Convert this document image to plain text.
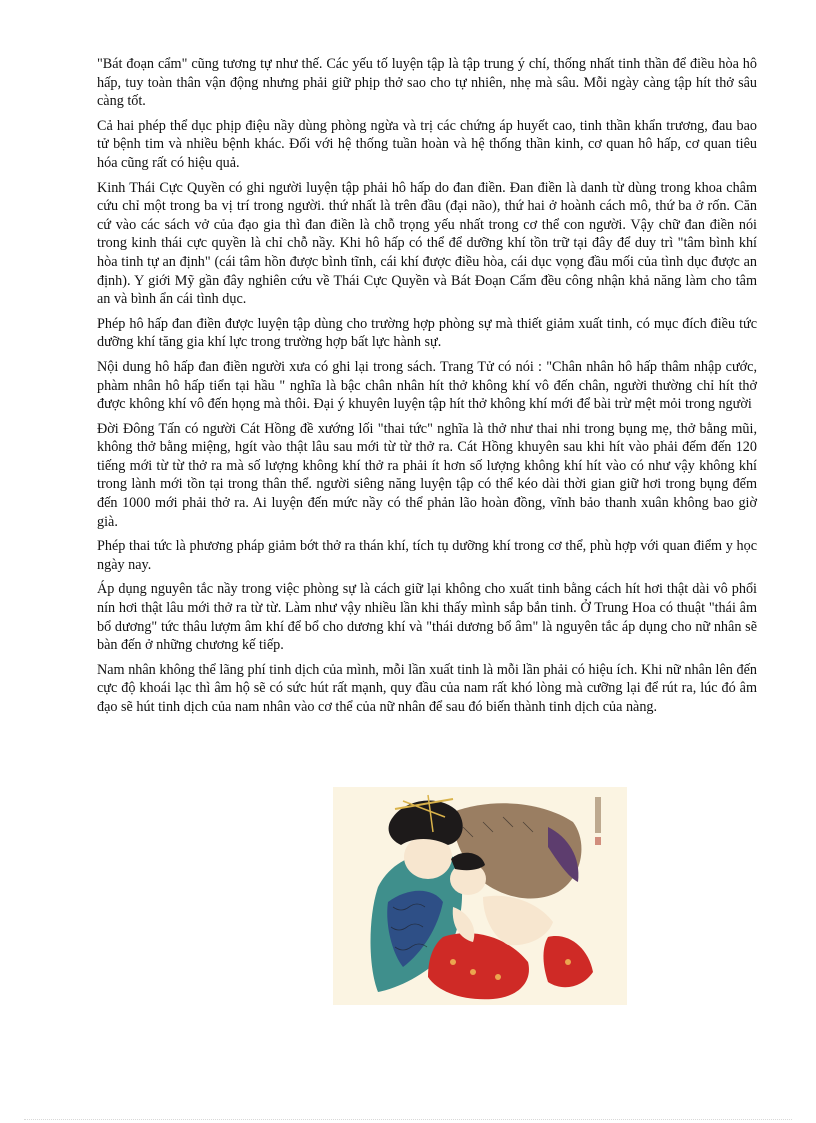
"Bát đoạn cẩm" cũng tương tự như thế. Các yếu tố luyện tập là tập trung ý chí, thống nhất tinh thần để điều hòa hô hấp, tuy toàn thân vận động nhưng phải giữ phịp thở sao cho tự nhiên, nhẹ mà sâu. Mỗi ngày càng tập hít thở sâu càng tốt.

Cả hai phép thể dục phịp điệu nầy dùng phòng ngừa và trị các chứng áp huyết cao, tinh thần khẩn trương, đau bao tử bệnh tim và nhiều bệnh khác. Đối với hệ thống tuần hoàn và hệ thống thần kinh, cơ quan hô hấp, cơ quan tiêu hóa cũng rất có hiệu quả.

Kinh Thái Cực Quyền có ghi người luyện tập phải hô hấp do đan điền. Đan điền là danh từ dùng trong khoa châm cứu chỉ một trong ba vị trí trong người. thứ nhất là trên đầu (đại não), thứ hai ở hoành cách mô, thứ ba ở rốn. Căn cứ vào các sách vở của đạo gia thì đan điền là chỗ trọng yếu nhất trong cơ thể con người. Vậy chữ đan điền nói trong kinh thái cực quyền là chỉ chỗ nầy. Khi hô hấp có thể để dưỡng khí tồn trữ tại đây để duy trì "tâm bình khí hòa tinh tự an định" (cái tâm hồn được bình tĩnh, cái khí được điều hòa, cái dục vọng đầu mối của tình dục được an định). Y giới Mỹ gần đây nghiên cứu về Thái Cực Quyền và Bát Đoạn Cẩm đều công nhận khả năng làm cho tâm an và bình ẩn cái tình dục.

Phép hô hấp đan điền được luyện tập dùng cho trường hợp phòng sự mà thiết giảm xuất tinh, có mục đích điều tức dưỡng khí tăng gia khí lực trong trường hợp bất lực hành sự.

Nội dung hô hấp đan điền người xưa có ghi lại trong sách. Trang Tử có nói : "Chân nhân hô hấp thâm nhập cước, phàm nhân hô hấp tiển tại hầu " nghĩa là bậc chân nhân hít thở không khí vô đến chân, người thường chỉ hít thở được không khí vô đến họng mà thôi. Đại ý khuyên luyện tập hít thở không khí mới để bài trừ mệt mỏi trong người

Đời Đông Tấn có người Cát Hồng đề xướng lối "thai tức" nghĩa là thở như thai nhi trong bụng mẹ, thở bằng mũi, không thở bằng miệng, hgít vào thật lâu sau mới từ từ thở ra. Cát Hồng khuyên sau khi hít vào phải đếm đến 120 tiếng mới từ từ thở ra mà số lượng không khí thở ra phải ít hơn số lượng không khí hít vào có như vậy không khí trong lành mới tồn tại trong thân thể. người siêng năng luyện tập có thể kéo dài thời gian giữ hơi trong bụng đếm đến 1000 mới phải thở ra. Ai luyện đến mức nầy có thể phản lão hoàn đồng, vĩnh bảo thanh xuân không bao giờ già.

Phép thai tức là phương pháp giảm bớt thở ra thán khí, tích tụ dưỡng khí trong cơ thể, phù hợp với quan điểm y học ngày nay.

Áp dụng nguyên tắc nầy trong việc phòng sự là cách giữ lại không cho xuất tinh bằng cách hít hơi thật dài vô phổi nín hơi thật lâu mới thở ra từ từ. Làm như vậy nhiều lần khi thấy mình sắp bắn tinh. Ở Trung Hoa có thuật "thái âm bổ dương" tức thâu lượm âm khí để bổ cho dương khí và "thái dương bổ âm" là nguyên tắc áp dụng cho nữ nhân sẽ bàn đến ở những chương kế tiếp.

Nam nhân không thể lãng phí tinh dịch của mình, mỗi lần xuất tinh là mỗi lần phải có hiệu ích. Khi nữ nhân lên đến cực độ khoái lạc thì âm hộ sẽ có sức hút rất mạnh, quy đầu của nam rất khó lòng mà cưỡng lại để rút ra, lúc đó âm đạo sẽ hút tinh dịch của nam nhân vào cơ thể của nữ nhân để sau đó biến thành tinh dịch của nàng.
